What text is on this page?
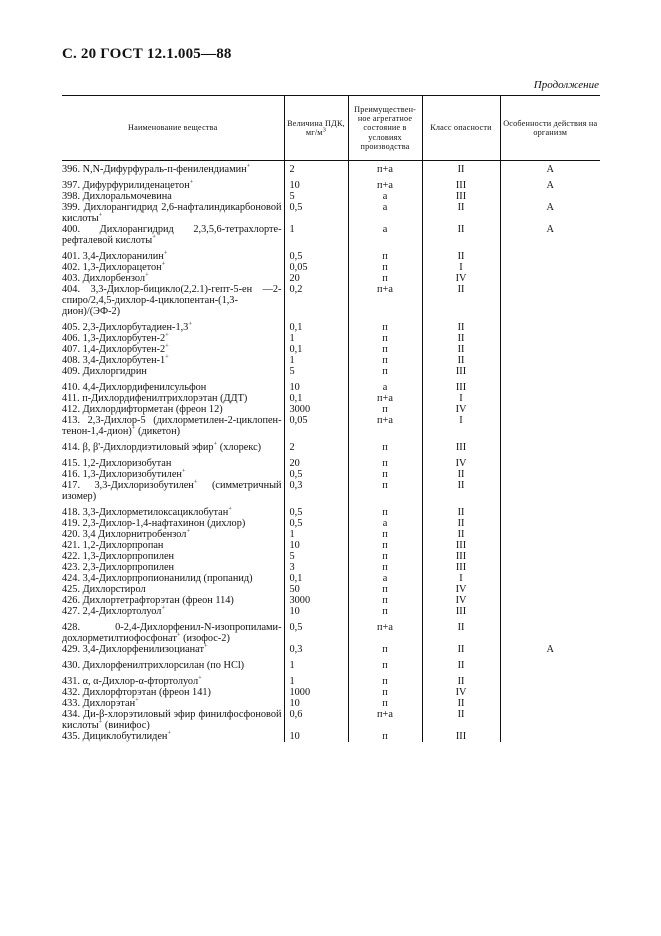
С. 20 ГОСТ 12.1.005—88
Продолжение
Наименование вещества	Величина ПДК, $мг/м^3$	Преимущественное агрегатное состояние в условиях производства	Класс опасности	Особенности действия на организм
396. N,N-Дифурфураль-п-фенилендиамин+	2	п+а	II	А
397. Дифурфурилиденацетон+	10	п+а	III	А
398. Дихлоральмочевина	5	а	III	
399. Дихлорангидрид 2,6-нафталиндикарбоновой кислоты+	0,5	а	II	А
400. Дихлорангидрид 2,3,5,6-тетрахлортерефталевой кислоты+	1	а	II	А
401. 3,4-Дихлоранилин+	0,5	п	II	
402. 1,3-Дихлорацетон+	0,05	п	I	
403. Дихлорбензол+	20	п	IV	
404. 3,3-Дихлор-бицикло(2,2.1)-гепт-5-ен —2-спиро/2,4,5-дихлор-4-циклопентан-(1,3-дион)/(ЭФ-2)	0,2	п+а	II	
405. 2,3-Дихлорбутадиен-1,3+	0,1	п	II	
406. 1,3-Дихлорбутен-2+	1	п	II	
407. 1,4-Дихлорбутен-2+	0,1	п	II	
408. 3,4-Дихлорбутен-1+	1	п	II	
409. Дихлоргидрин	5	п	III	
410. 4,4-Дихлордифенилсульфон	10	а	III	
411. п-Дихлордифенилтрихлорэтан (ДДТ)	0,1	п+а	I	
412. Дихлордифторметан (фреон 12)	3000	п	IV	
413. 2,3-Дихлор-5 (дихлорметилен-2-циклопен-тенон-1,4-дион)+ (дикетон)	0,05	п+а	I	
414. β, β'-Дихлордиэтиловый эфир+ (хлорекс)	2	п	III	
415. 1,2-Дихлоризобутан	20	п	IV	
416. 1,3-Дихлоризобутилен+	0,5	п	II	
417. 3,3-Дихлоризобутилен+ (симметричный изомер)	0,3	п	II	
418. 3,3-Дихлорметилоксациклобутан+	0,5	п	II	
419. 2,3-Дихлор-1,4-нафтахинон (дихлор)	0,5	а	II	
420. 3,4 Дихлорнитробензол+	1	п	II	
421. 1,2-Дихлорпропан	10	п	III	
422. 1,3-Дихлорпропилен	5	п	III	
423. 2,3-Дихлорпропилен	3	п	III	
424. 3,4-Дихлорпропионанилид (пропанид)	0,1	а	I	
425. Дихлорстирол	50	п	IV	
426. Дихлортетрафторэтан (фреон 114)	3000	п	IV	
427. 2,4-Дихлортолуол+	10	п	III	
428. 0-2,4-Дихлорфенил-N-изопропиламидохлорметилтиофосфонат+ (изофос-2)	0,5	п+а	II	
429. 3,4-Дихлорфенилизоцианат+	0,3	п	II	А
430. Дихлорфенилтрихлорсилан (по HCl)	1	п	II	
431. α, α-Дихлор-α-фтортолуол+	1	п	II	
432. Дихлорфторэтан (фреон 141)	1000	п	IV	
433. Дихлорэтан+	10	п	II	
434. Ди-β-хлорэтиловый эфир финилфосфоновой кислоты+ (винифос)	0,6	п+а	II	
435. Дициклобутилиден+	10	п	III	
